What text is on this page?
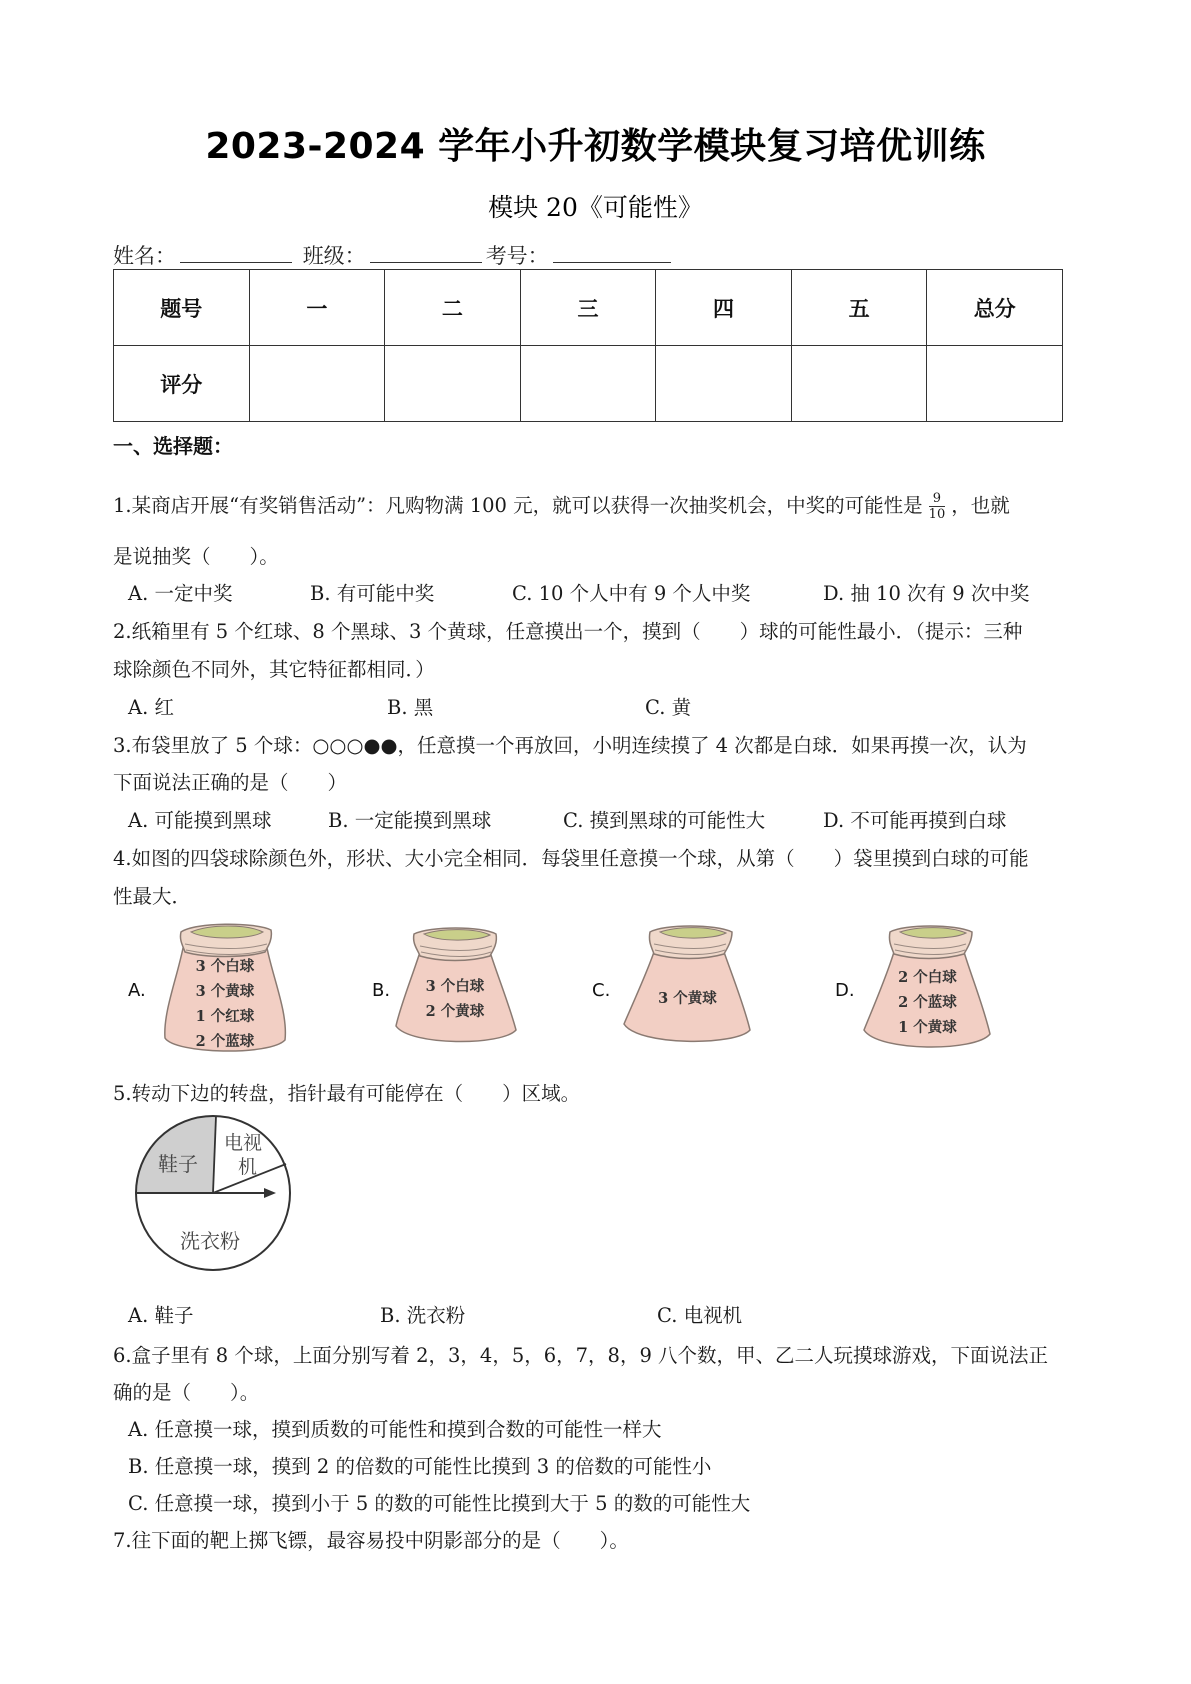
2023-2024 学年小升初数学模块复习培优训练
模块 20《可能性》
姓名：	班级：	考号：
题号	一	二	三	四	五	总分
评分						
一、选择题：
1.某商店开展“有奖销售活动”：凡购物满 100 元，就可以获得一次抽奖机会，中奖的可能性是 $\frac{9}{10}$ ，也就
是说抽奖（　　）。
A. 一定中奖	B. 有可能中奖	C. 10 个人中有 9 个人中奖	D. 抽 10 次有 9 次中奖
2.纸箱里有 5 个红球、8 个黑球、3 个黄球，任意摸出一个，摸到（　　）球的可能性最小．（提示：三种
球除颜色不同外，其它特征都相同．）
A. 红	B. 黑	C. 黄
3.布袋里放了 5 个球：○○○●●，任意摸一个再放回，小明连续摸了 4 次都是白球．如果再摸一次，认为
下面说法正确的是（　　）
A. 可能摸到黑球	B. 一定能摸到黑球	C. 摸到黑球的可能性大	D. 不可能再摸到白球
4.如图的四袋球除颜色外，形状、大小完全相同．每袋里任意摸一个球，从第（　　）袋里摸到白球的可能
性最大．
A.
3 个白球
3 个黄球
1 个红球
2 个蓝球
B.	3 个白球
2 个黄球
C.	3 个黄球	D.
2 个白球
2 个蓝球
1 个黄球
5.转动下边的转盘，指针最有可能停在（　　）区域。
鞋子
电视
机
洗衣粉
A. 鞋子	B. 洗衣粉	C. 电视机
6.盒子里有 8 个球，上面分别写着 2，3，4，5，6，7，8，9 八个数，甲、乙二人玩摸球游戏，下面说法正
确的是（　　）。
A. 任意摸一球，摸到质数的可能性和摸到合数的可能性一样大
B. 任意摸一球，摸到 2 的倍数的可能性比摸到 3 的倍数的可能性小
C. 任意摸一球，摸到小于 5 的数的可能性比摸到大于 5 的数的可能性大
7.往下面的靶上掷飞镖，最容易投中阴影部分的是（　　）。
